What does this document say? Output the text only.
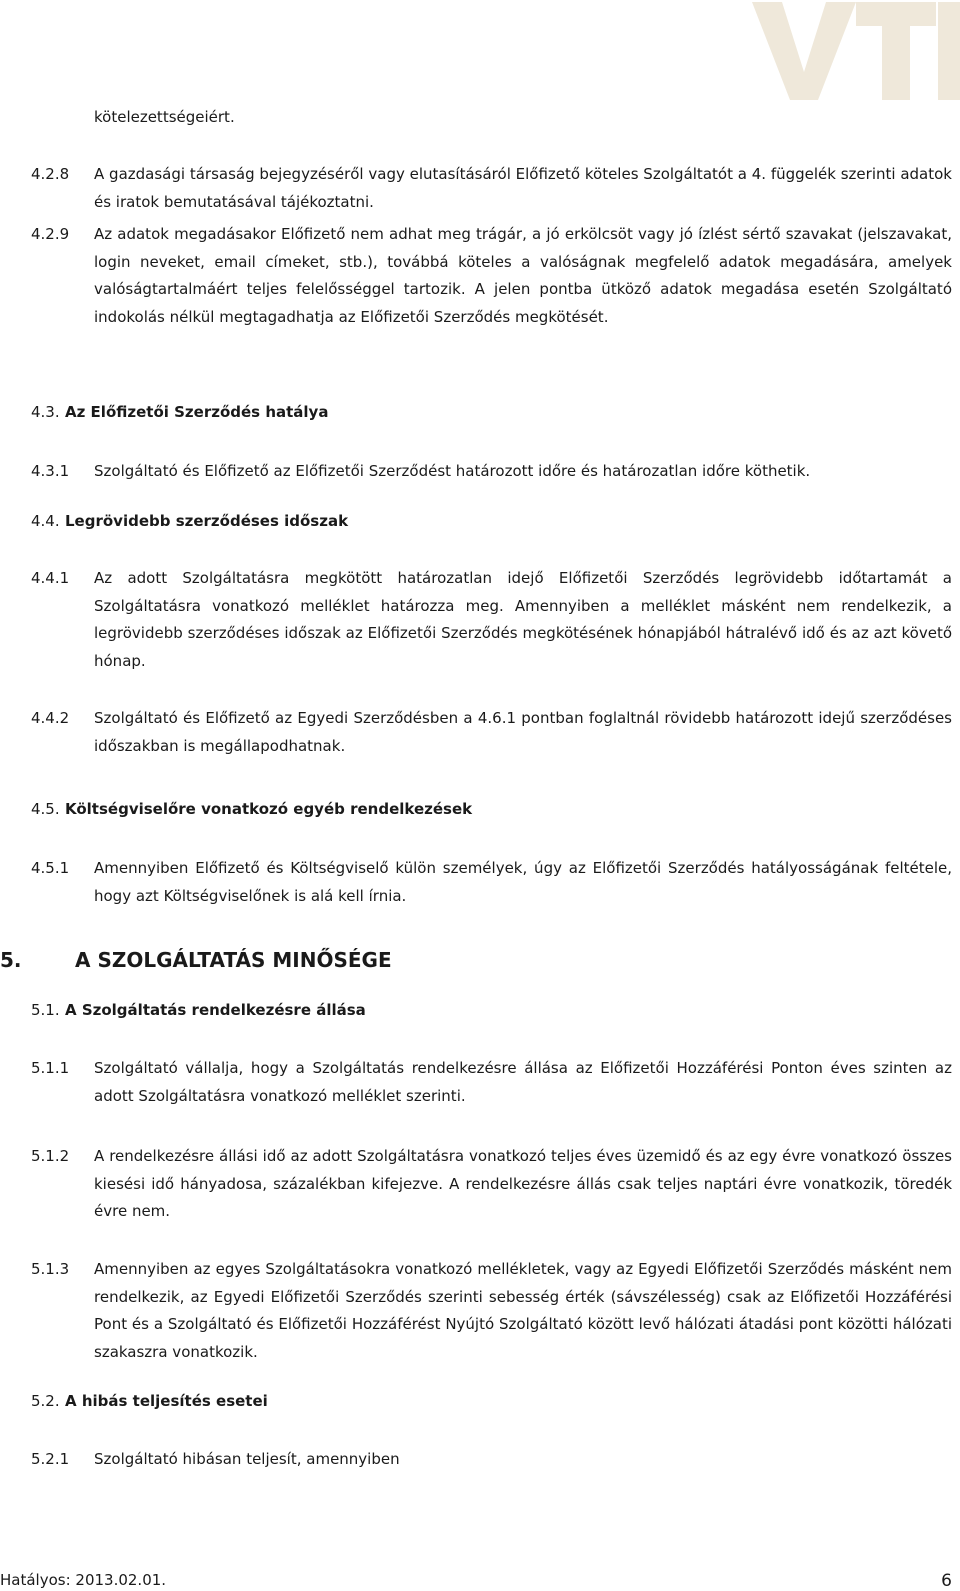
kötelezettségeiért.
4.2.8 A gazdasági társaság bejegyzéséről vagy elutasításáról Előfizető köteles Szolgáltatót a 4. függelék szerinti adatok és iratok bemutatásával tájékoztatni.
4.2.9 Az adatok megadásakor Előfizető nem adhat meg trágár, a jó erkölcsöt vagy jó ízlést sértő szavakat (jelszavakat, login neveket, email címeket, stb.), továbbá köteles a valóságnak megfelelő adatok megadására, amelyek valóságtartalmáért teljes felelősséggel tartozik. A jelen pontba ütköző adatok megadása esetén Szolgáltató indokolás nélkül megtagadhatja az Előfizetői Szerződés megkötését.
4.3. Az Előfizetői Szerződés hatálya
4.3.1 Szolgáltató és Előfizető az Előfizetői Szerződést határozott időre és határozatlan időre köthetik.
4.4. Legrövidebb szerződéses időszak
4.4.1 Az adott Szolgáltatásra megkötött határozatlan idejő Előfizetői Szerződés legrövidebb időtartamát a Szolgáltatásra vonatkozó melléklet határozza meg. Amennyiben a melléklet másként nem rendelkezik, a legrövidebb szerződéses időszak az Előfizetői Szerződés megkötésének hónapjából hátralévő idő és az azt követő hónap.
4.4.2 Szolgáltató és Előfizető az Egyedi Szerződésben a 4.6.1 pontban foglaltnál rövidebb határozott idejű szerződéses időszakban is megállapodhatnak.
4.5. Költségviselőre vonatkozó egyéb rendelkezések
4.5.1 Amennyiben Előfizető és Költségviselő külön személyek, úgy az Előfizetői Szerződés hatályosságának feltétele, hogy azt Költségviselőnek is alá kell írnia.
5.	A SZOLGÁLTATÁS MINŐSÉGE
5.1. A Szolgáltatás rendelkezésre állása
5.1.1 Szolgáltató vállalja, hogy a Szolgáltatás rendelkezésre állása az Előfizetői Hozzáférési Ponton éves szinten az adott Szolgáltatásra vonatkozó melléklet szerinti.
5.1.2 A rendelkezésre állási idő az adott Szolgáltatásra vonatkozó teljes éves üzemidő és az egy évre vonatkozó összes kiesési idő hányadosa, százalékban kifejezve. A rendelkezésre állás csak teljes naptári évre vonatkozik, töredék évre nem.
5.1.3 Amennyiben az egyes Szolgáltatásokra vonatkozó mellékletek, vagy az Egyedi Előfizetői Szerződés másként nem rendelkezik, az Egyedi Előfizetői Szerződés szerinti sebesség érték (sávszélesség) csak az Előfizetői Hozzáférési Pont és a Szolgáltató és Előfizetői Hozzáférést Nyújtó Szolgáltató között levő hálózati átadási pont közötti hálózati szakaszra vonatkozik.
5.2. A hibás teljesítés esetei
5.2.1 Szolgáltató hibásan teljesít, amennyiben
Hatályos: 2013.02.01.	6
